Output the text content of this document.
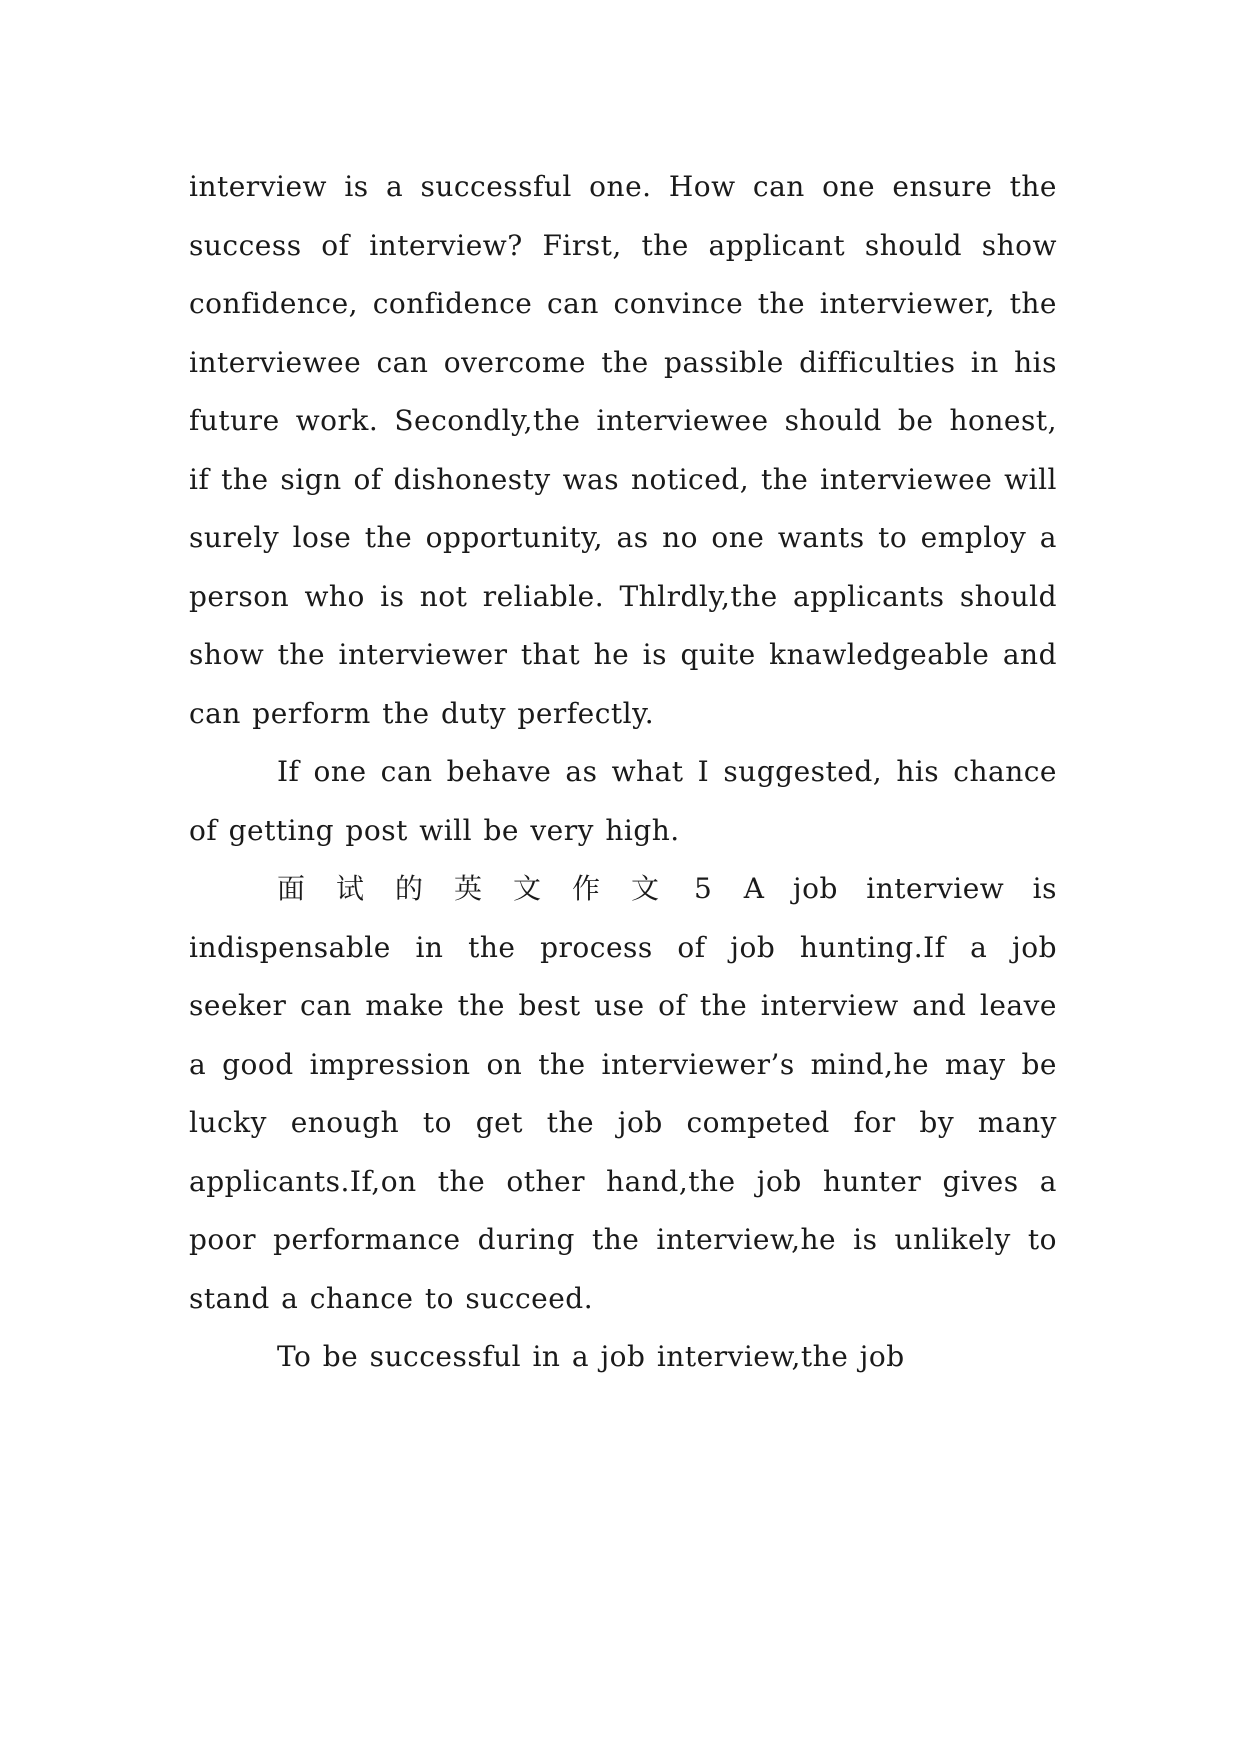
interview is a successful one. How can one ensure the success of interview? First, the applicant should show confidence, confidence can convince the interviewer, the interviewee can overcome the passible difficulties in his future work. Secondly,the interviewee should be honest, if the sign of dishonesty was noticed, the interviewee will surely lose the opportunity, as no one wants to employ a person who is not reliable. Thlrdly,the applicants should show the interviewer that he is quite knawledgeable and can perform the duty perfectly.

If one can behave as what I suggested, his chance of getting post will be very high.

面试的英文作文 5 A job interview is indispensable in the process of job hunting.If a job seeker can make the best use of the interview and leave a good impression on the interviewer’s mind,he may be lucky enough to get the job competed for by many applicants.If,on the other hand,the job hunter gives a poor performance during the interview,he is unlikely to stand a chance to succeed.

To be successful in a job interview,the job
